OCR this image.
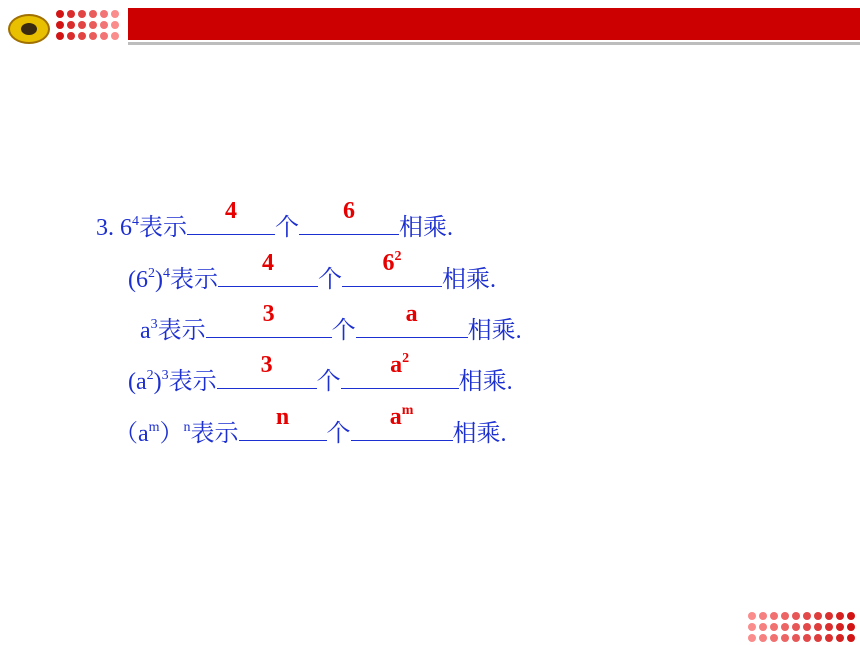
3. $6^4$表示
4
个
6
相乘.
$(6^2)^4$表示
4
个
$6^2$
相乘.
$a^3$表示
3
个
a
相乘.
$(a^2)^3$表示
3
个
$a^2$
相乘.
$(a^m)^n$表示
n
个
$a^m$
相乘.
